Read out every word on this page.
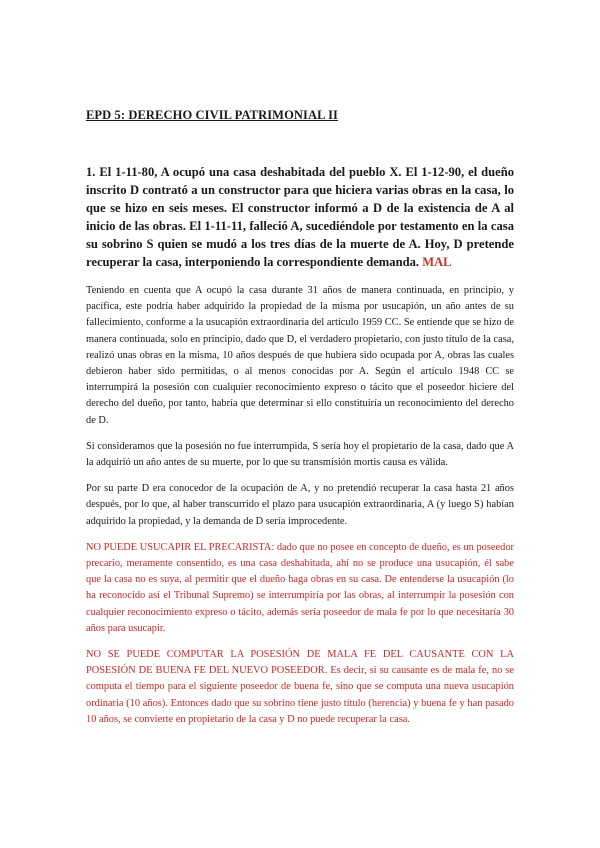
EPD 5: DERECHO CIVIL PATRIMONIAL II

1. El 1-11-80, A ocupó una casa deshabitada del pueblo X. El 1-12-90, el dueño inscrito D contrató a un constructor para que hiciera varias obras en la casa, lo que se hizo en seis meses. El constructor informó a D de la existencia de A al inicio de las obras. El 1-11-11, falleció A, sucediéndole por testamento en la casa su sobrino S quien se mudó a los tres días de la muerte de A. Hoy, D pretende recuperar la casa, interponiendo la correspondiente demanda. MAL

Teniendo en cuenta que A ocupó la casa durante 31 años de manera continuada, en principio, y pacífica, este podría haber adquirido la propiedad de la misma por usucapión, un año antes de su fallecimiento, conforme a la usucapión extraordinaria del artículo 1959 CC. Se entiende que se hizo de manera continuada, solo en principio, dado que D, el verdadero propietario, con justo título de la casa, realizó unas obras en la misma, 10 años después de que hubiera sido ocupada por A, obras las cuales debieron haber sido permitidas, o al menos conocidas por A. Según el artículo 1948 CC se interrumpirá la posesión con cualquier reconocimiento expreso o tácito que el poseedor hiciere del derecho del dueño, por tanto, habría que determinar si ello constituiría un reconocimiento del derecho de D.

Si consideramos que la posesión no fue interrumpida, S sería hoy el propietario de la casa, dado que A la adquirió un año antes de su muerte, por lo que su transmisión mortis causa es válida.

Por su parte D era conocedor de la ocupación de A, y no pretendió recuperar la casa hasta 21 años después, por lo que, al haber transcurrido el plazo para usucapión extraordinaria, A (y luego S) habían adquirido la propiedad, y la demanda de D sería improcedente.

NO PUEDE USUCAPIR EL PRECARISTA: dado que no posee en concepto de dueño, es un poseedor precario, meramente consentido, es una casa deshabitada, ahí no se produce una usucapión, él sabe que la casa no es suya, al permitir que el dueño haga obras en su casa. De entenderse la usucapión (lo ha reconocido así el Tribunal Supremo) se interrumpiría por las obras, al interrumpir la posesión con cualquier reconocimiento expreso o tácito, además sería poseedor de mala fe por lo que necesitaría 30 años para usucapir.

NO SE PUEDE COMPUTAR LA POSESIÓN DE MALA FE DEL CAUSANTE CON LA POSESIÓN DE BUENA FE DEL NUEVO POSEEDOR. Es decir, si su causante es de mala fe, no se computa el tiempo para el siguiente poseedor de buena fe, sino que se computa una nueva usucapión ordinaria (10 años). Entonces dado que su sobrino tiene justo título (herencia) y buena fe y han pasado 10 años, se convierte en propietario de la casa y D no puede recuperar la casa.
